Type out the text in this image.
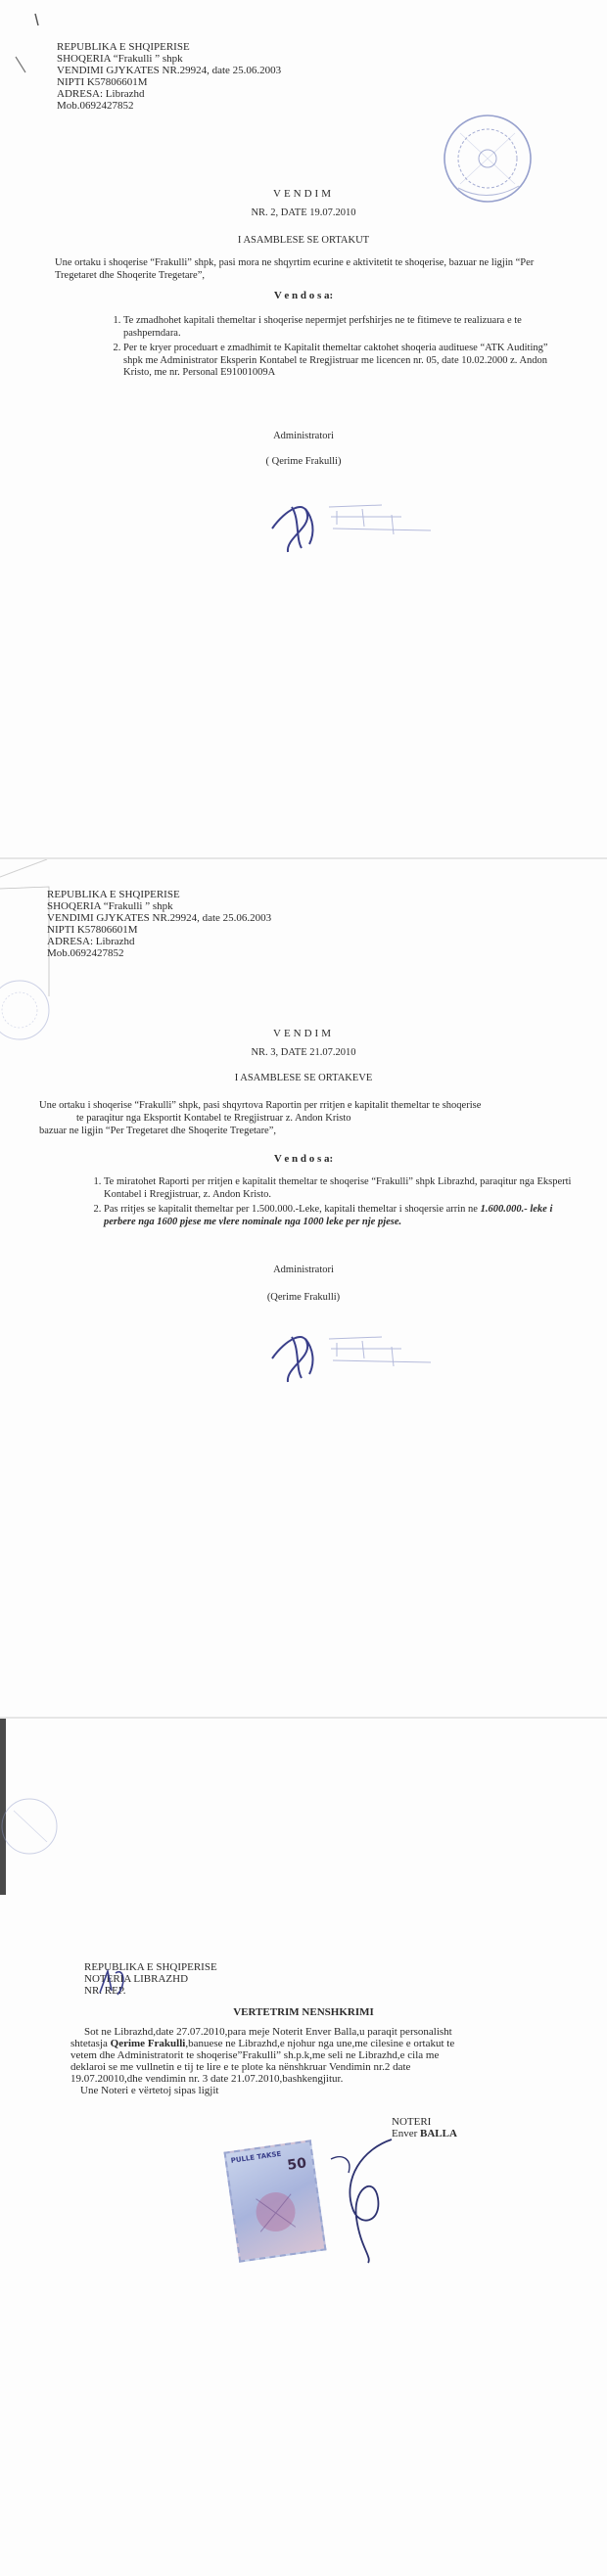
REPUBLIKA E SHQIPERISE
SHOQERIA “Frakulli ” shpk
VENDIMI GJYKATES NR.29924, date 25.06.2003
NIPTI K57806601M
ADRESA: Librazhd
Mob.0692427852
VENDIM
NR. 2, DATE 19.07.2010
I ASAMBLESE SE ORTAKUT
Une ortaku i shoqerise “Frakulli” shpk, pasi mora ne shqyrtim ecurine e aktivitetit te shoqerise, bazuar ne ligjin “Per Tregetaret dhe Shoqerite Tregetare”,
V e n d o s a:
1. Te zmadhohet kapitali themeltar i shoqerise nepermjet perfshirjes ne te fitimeve te realizuara e te pashperndara.
2. Per te kryer proceduart e zmadhimit te Kapitalit themeltar caktohet shoqeria audituese “ATK Auditing” shpk me Administrator Eksperin Kontabel te Rregjistruar me licencen nr. 05, date 10.02.2000 z. Andon Kristo, me nr. Personal E91001009A
Administratori
( Qerime Frakulli)
REPUBLIKA E SHQIPERISE
SHOQERIA “Frakulli ” shpk
VENDIMI GJYKATES NR.29924, date 25.06.2003
NIPTI K57806601M
ADRESA: Librazhd
Mob.0692427852
VENDIM
NR. 3, DATE 21.07.2010
I ASAMBLESE SE ORTAKEVE
Une ortaku i shoqerise “Frakulli” shpk, pasi shqyrtova Raportin per rritjen e kapitalit themeltar te shoqerise
te paraqitur nga Eksportit Kontabel te Rregjistruar z. Andon Kristo
bazuar ne ligjin “Per Tregetaret dhe Shoqerite Tregetare”,
V e n d o s a:
1. Te miratohet Raporti per rritjen e kapitalit themeltar te shoqerise “Frakulli” shpk Librazhd, paraqitur nga Eksperti Kontabel i Rregjistruar, z. Andon Kristo.
2. Pas rritjes se kapitalit themeltar per 1.500.000.-Leke, kapitali themeltar i shoqersie arrin ne 1.600.000.- leke i perbere nga 1600 pjese me vlere nominale nga 1000 leke per nje pjese.
Administratori
(Qerime Frakulli)
REPUBLIKA E SHQIPERISE
NOTERIA LIBRAZHD
NR. REP.
VERTETRIM NENSHKRIMI
Sot ne Librazhd,date 27.07.2010,para meje Noterit Enver Balla,u paraqit personalisht
shtetasja Qerime Frakulli,banuese ne Librazhd,e njohur nga une,me cilesine e ortakut te
vetem dhe Administratorit te shoqerise”Frakulli” sh.p.k,me seli ne Librazhd,e cila me
deklaroi se me vullnetin e tij te lire e te plote ka nënshkruar Vendimin nr.2 date
19.07.20010,dhe vendimin nr. 3 date 21.07.2010,bashkengjitur.
Une Noteri e vërtetoj sipas ligjit
NOTERI
Enver BALLA
PULLE TAKSE 50
